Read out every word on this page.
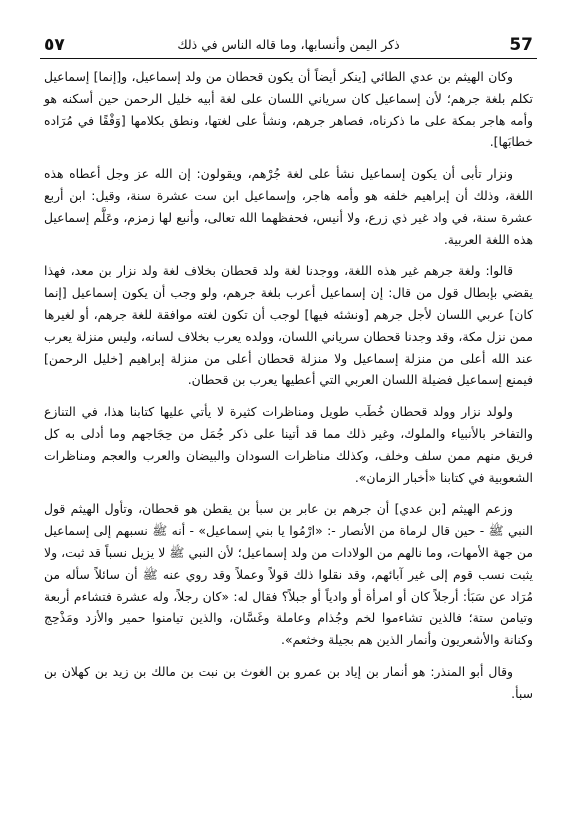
٥٧	ذكر اليمن وأنسابها، وما قاله الناس في ذلك	57

وكان الهيثم بن عدي الطائي [ينكر أيضاً أن يكون قحطان من ولد إسماعيل، و[إنما] إسماعيل تكلم بلغة جرهم؛ لأن إسماعيل كان سرياني اللسان على لغة أبيه خليل الرحمن حين أسكنه هو وأمه هاجر بمكة على ما ذكرناه، فصاهر جرهم، ونشأ على لغتها، ونطق بكلامها [وَفْقًا في مُرَاده خطابَها].

ونزار تأبى أن يكون إسماعيل نشأ على لغة جُرْهم، ويقولون: إن الله عز وجل أعطاه هذه اللغة، وذلك أن إبراهيم خلفه هو وأمه هاجر، وإسماعيل ابن ست عشرة سنة، وقيل: ابن أربع عشرة سنة، في واد غير ذي زرع، ولا أنيس، فحفظهما الله تعالى، وأنبع لها زمزم، وعَلَّم إسماعيل هذه اللغة العربية.

قالوا: ولغة جرهم غير هذه اللغة، ووجدنا لغة ولد قحطان بخلاف لغة ولد نزار بن معد، فهذا يقضي بإبطال قول من قال: إن إسماعيل أعرب بلغة جرهم، ولو وجب أن يكون إسماعيل [إنما كان] عربي اللسان لأجل جرهم [ونشئه فيها] لوجب أن تكون لغته موافقة للغة جرهم، أو لغيرها ممن نزل مكة، وقد وجدنا قحطان سرياني اللسان، وولده يعرب بخلاف لسانه، وليس منزلة يعرب عند الله أعلى من منزلة إسماعيل ولا منزلة قحطان أعلى من منزلة إبراهيم [خليل الرحمن] فيمنع إسماعيل فضيلة اللسان العربي التي أعطيها يعرب بن قحطان.

ولولد نزار وولد قحطان خُطَب طويل ومناظرات كثيرة لا يأتي عليها كتابنا هذا، في التنازع والتفاخر بالأنبياء والملوك، وغير ذلك مما قد أتينا على ذكر جُمَل من حِجَاجهم وما أدلى به كل فريق منهم ممن سلف وخلف، وكذلك مناظرات السودان والبيضان والعرب والعجم ومناظرات الشعوبية في كتابنا «أخبار الزمان».

وزعم الهيثم [بن عدي] أن جرهم بن عابر بن سبأ بن يقطن هو قحطان، وتأول الهيثم قول النبي ﷺ - حين قال لرماة من الأنصار -: «ارْمُوا يا بني إسماعيل» - أنه ﷺ نسبهم إلى إسماعيل من جهة الأمهات، وما نالهم من الولادات من ولد إسماعيل؛ لأن النبي ﷺ لا يزيل نسباً قد ثبت، ولا يثبت نسب قوم إلى غير آبائهم، وقد نقلوا ذلك قولاً وعملاً وقد روي عنه ﷺ أن سائلاً سأله من مُرَاد عن سَبَأ: أرجلاً كان أو امرأة أو وادياً أو جبلاً؟ فقال له: «كان رجلاً، وله عشرة فتشاءم أربعة وتيامن ستة؛ فالذين تشاءموا لخم وجُذام وعاملة وغَسَّان، والذين تيامنوا حمير والأزد ومَذْحِج وكنانة والأشعريون وأنمار الذين هم بجيلة وخثعم».

وقال أبو المنذر: هو أنمار بن إياد بن عمرو بن الغوث بن نبت بن مالك بن زيد بن كهلان بن سبأ.
